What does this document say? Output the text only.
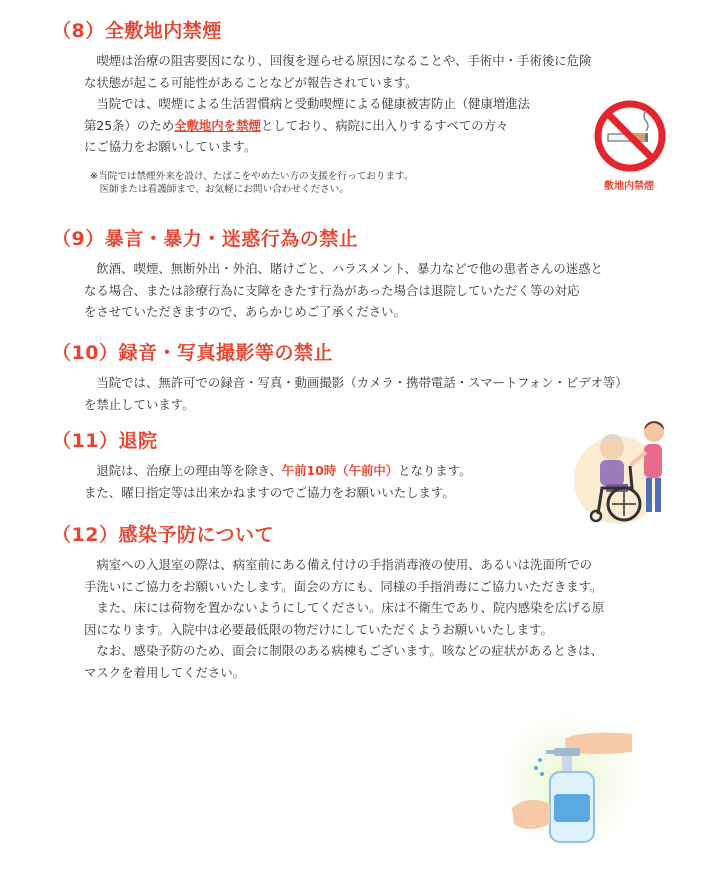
（8）全敷地内禁煙

　喫煙は治療の阻害要因になり、回復を遅らせる原因になることや、手術中・手術後に危険

な状態が起こる可能性があることなどが報告されています。

　当院では、喫煙による生活習慣病と受動喫煙による健康被害防止（健康増進法

第25条）のため全敷地内を禁煙としており、病院に出入りするすべての方々

にご協力をお願いしています。

※当院では禁煙外来を設け、たばこをやめたい方の支援を行っております。
　医師または看護師まで、お気軽にお問い合わせください。	敷地内禁煙
（9）暴言・暴力・迷惑行為の禁止

　飲酒、喫煙、無断外出・外泊、賭けごと、ハラスメント、暴力などで他の患者さんの迷惑と

なる場合、または診療行為に支障をきたす行為があった場合は退院していただく等の対応

をさせていただきますので、あらかじめご了承ください。

（10）録音・写真撮影等の禁止

　当院では、無許可での録音・写真・動画撮影（カメラ・携帯電話・スマートフォン・ビデオ等）

を禁止しています。

（11）退院

　退院は、治療上の理由等を除き、午前10時（午前中）となります。

また、曜日指定等は出来かねますのでご協力をお願いいたします。

（12）感染予防について

　病室への入退室の際は、病室前にある備え付けの手指消毒液の使用、あるいは洗面所での

手洗いにご協力をお願いいたします。面会の方にも、同様の手指消毒にご協力いただきます。

　また、床には荷物を置かないようにしてください。床は不衛生であり、院内感染を広げる原

因になります。入院中は必要最低限の物だけにしていただくようお願いいたします。

　なお、感染予防のため、面会に制限のある病棟もございます。咳などの症状があるときは、

マスクを着用してください。
